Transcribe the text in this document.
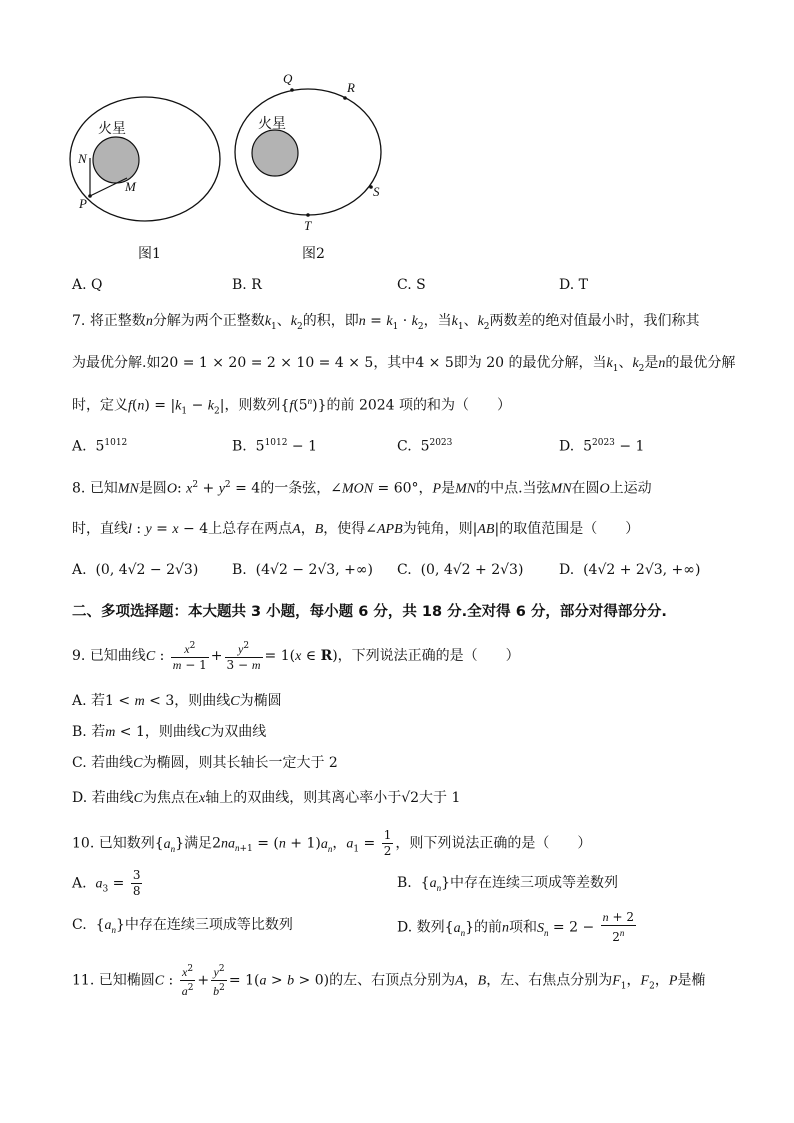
火星
N
M
P
图1
火星
Q
R
S
T
图2
A. Q	B. R	C. S	D. T
7. 将正整数n分解为两个正整数$k_1$、$k_2$的积，即$n = k_1 \cdot k_2$，当$k_1$、$k_2$两数差的绝对值最小时，我们称其
为最优分解.如20 = 1 × 20 = 2 × 10 = 4 × 5，其中4 × 5即为 20 的最优分解，当$k_1$、$k_2$是n的最优分解
时，定义$f(n) = |k_1 - k_2|$，则数列{f(5$^n$)}的前 2024 项的和为（　　）
A.  $5^{1012}$	B.  $5^{1012} - 1$	C.  $5^{2023}$	D.  $5^{2023} - 1$
8. 已知MN是圆O: $x^2 + y^2 = 4$的一条弦，∠MON = 60°，P是MN的中点.当弦MN在圆O上运动
时，直线l : y = x − 4上总存在两点A，B，使得∠APB为钝角，则|AB|的取值范围是（　　）
A.  (0, 4√2 − 2√3) B.  (4√2 − 2√3, +∞) C.  (0, 4√2 + 2√3)	D.  (4√2 + 2√3, +∞)
二、多项选择题：本大题共 3 小题，每小题 6 分，共 18 分.全对得 6 分，部分对得部分分.
9. 已知曲线C : $\frac{x^2}{m - 1} + \frac{y^2}{3 - m} = 1(x$ ∈ R)，下列说法正确的是（　　）
A. 若1 < m < 3，则曲线C为椭圆
B. 若m < 1，则曲线C为双曲线
C. 若曲线C为椭圆，则其长轴长一定大于 2
D. 若曲线C为焦点在x轴上的双曲线，则其离心率小于√2大于 1
10. 已知数列$\{a_n\}$满足$2na_{n+1} = (n + 1)a_n$，$a_1 = \frac{1}{2}$ ，则下列说法正确的是（　　）
A. $a_3 = \frac{3}{8}$	B.  $\{a_n\}$中存在连续三项成等差数列
C.  $\{a_n\}$中存在连续三项成等比数列	D. 数列$\{a_n\}$的前n项和$S_n = 2 - \frac{n + 2}{2^n}$
11. 已知椭圆C : $\frac{x^2}{a^2} + \frac{y^2}{b^2} = 1(a > b > 0)$的左、右顶点分别为A，B，左、右焦点分别为$F_1$，$F_2$，P是椭
